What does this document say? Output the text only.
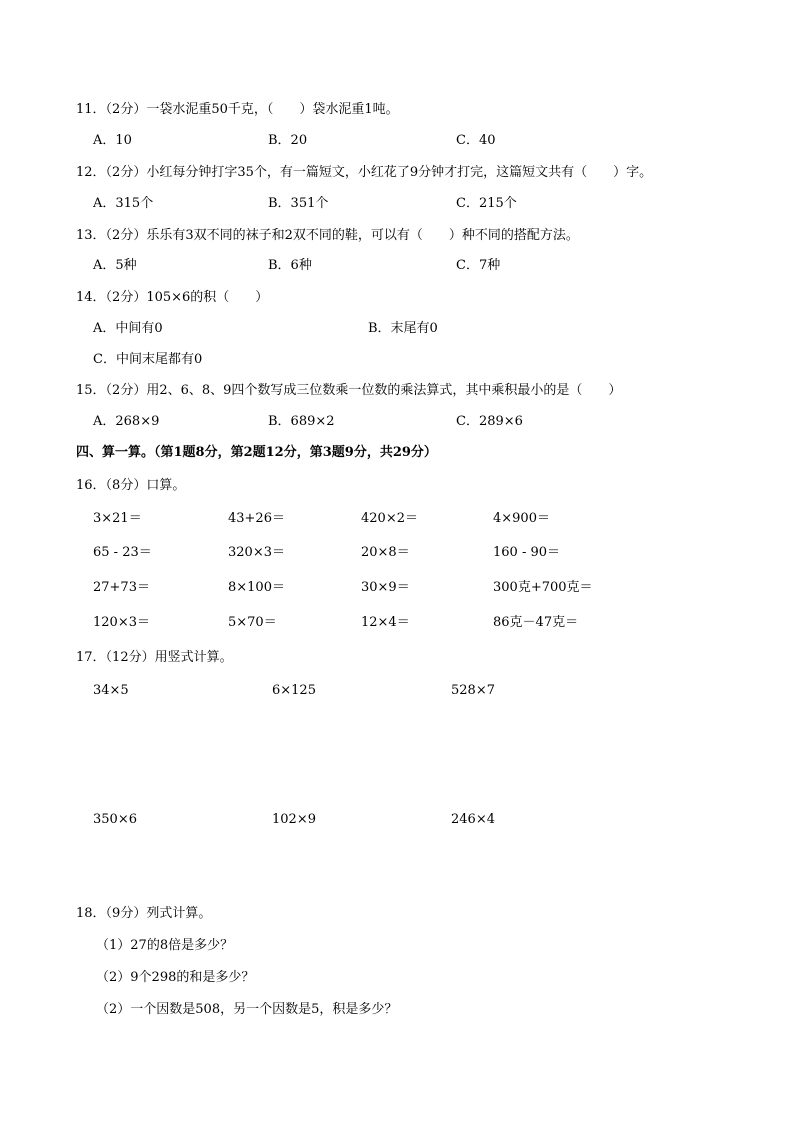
11．（2分）一袋水泥重50千克，（　　）袋水泥重1吨。
A．10	B．20	C．40
12．（2分）小红每分钟打字35个，有一篇短文，小红花了9分钟才打完，这篇短文共有（　　）字。
A．315个	B．351个	C．215个
13．（2分）乐乐有3双不同的袜子和2双不同的鞋，可以有（　　）种不同的搭配方法。
A．5种	B．6种	C．7种
14．（2分）105×6的积（　　）
A．中间有0	B．末尾有0
C．中间末尾都有0
15．（2分）用2、6、8、9四个数写成三位数乘一位数的乘法算式，其中乘积最小的是（　　）
A．268×9	B．689×2	C．289×6
四、算一算。（第1题8分，第2题12分，第3题9分，共29分）
16．（8分）口算。
3×21＝	43+26＝	420×2＝	4×900＝
65 - 23＝	320×3＝	20×8＝	160 - 90＝
27+73＝	8×100＝	30×9＝	300克+700克＝
120×3＝	5×70＝	12×4＝	86克－47克＝
17．（12分）用竖式计算。
34×5	6×125	528×7
350×6	102×9	246×4
18．（9分）列式计算。
（1）27的8倍是多少？
（2）9个298的和是多少？
（2）一个因数是508，另一个因数是5，积是多少？
